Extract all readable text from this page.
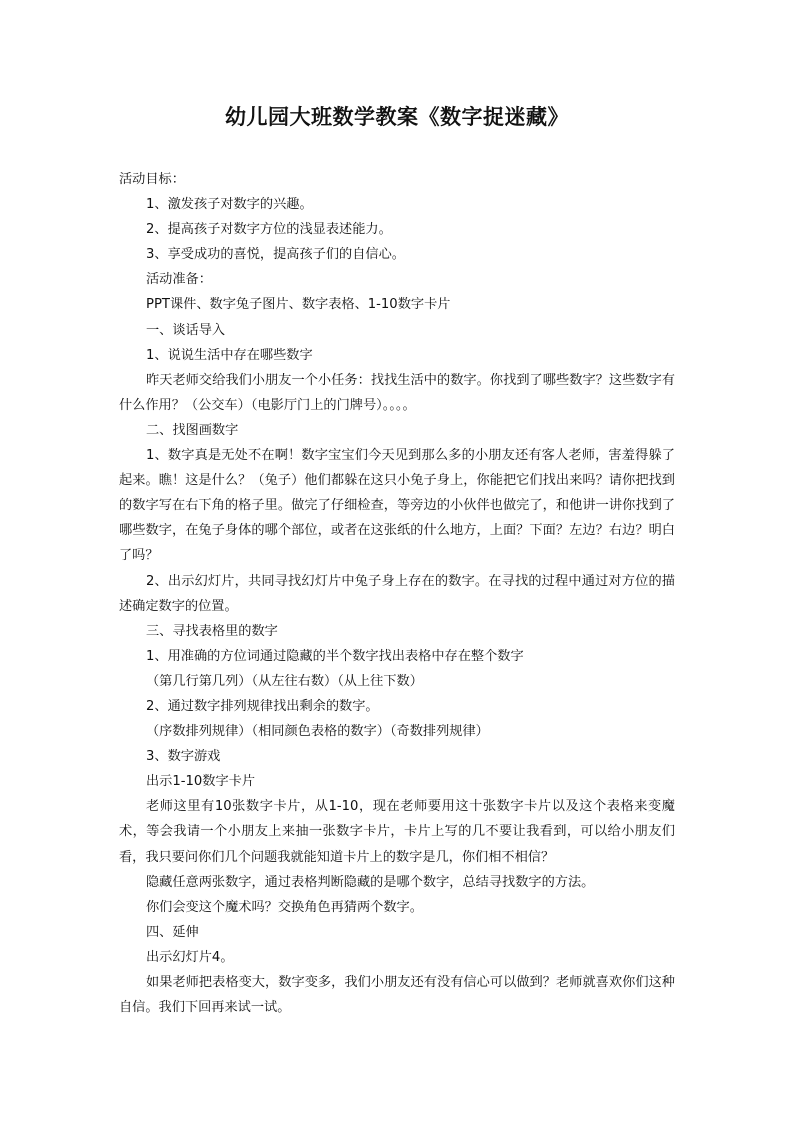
幼儿园大班数学教案《数字捉迷藏》

活动目标：

1、激发孩子对数字的兴趣。

2、提高孩子对数字方位的浅显表述能力。

3、享受成功的喜悦，提高孩子们的自信心。

活动准备：

PPT课件、数字兔子图片、数字表格、1-10数字卡片

一、谈话导入

1、说说生活中存在哪些数字

昨天老师交给我们小朋友一个小任务：找找生活中的数字。你找到了哪些数字？这些数字有什么作用？（公交车）（电影厅门上的门牌号）。。。。

二、找图画数字

1、数字真是无处不在啊！数字宝宝们今天见到那么多的小朋友还有客人老师，害羞得躲了起来。瞧！这是什么？（兔子）他们都躲在这只小兔子身上，你能把它们找出来吗？请你把找到的数字写在右下角的格子里。做完了仔细检查，等旁边的小伙伴也做完了，和他讲一讲你找到了哪些数字，在兔子身体的哪个部位，或者在这张纸的什么地方，上面？下面？左边？右边？明白了吗？

2、出示幻灯片，共同寻找幻灯片中兔子身上存在的数字。在寻找的过程中通过对方位的描述确定数字的位置。

三、寻找表格里的数字

1、用准确的方位词通过隐藏的半个数字找出表格中存在整个数字

（第几行第几列）（从左往右数）（从上往下数）

2、通过数字排列规律找出剩余的数字。

（序数排列规律）（相同颜色表格的数字）（奇数排列规律）

3、数字游戏

出示1-10数字卡片

老师这里有10张数字卡片，从1-10，现在老师要用这十张数字卡片以及这个表格来变魔术，等会我请一个小朋友上来抽一张数字卡片，卡片上写的几不要让我看到，可以给小朋友们看，我只要问你们几个问题我就能知道卡片上的数字是几，你们相不相信？

隐藏任意两张数字，通过表格判断隐藏的是哪个数字，总结寻找数字的方法。

你们会变这个魔术吗？交换角色再猜两个数字。

四、延伸

出示幻灯片4。

如果老师把表格变大，数字变多，我们小朋友还有没有信心可以做到？老师就喜欢你们这种自信。我们下回再来试一试。
